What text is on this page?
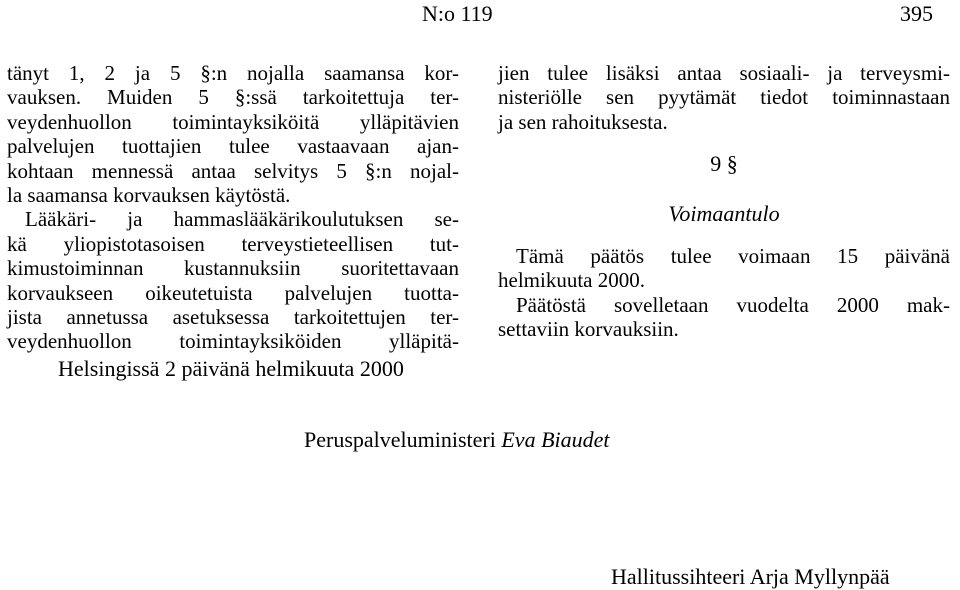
N:o 119	395
tänyt 1, 2 ja 5 §:n nojalla saamansa kor-
vauksen. Muiden 5 §:ssä tarkoitettuja ter-
veydenhuollon toimintayksiköitä ylläpitävien
palvelujen tuottajien tulee vastaavaan ajan-
kohtaan mennessä antaa selvitys 5 §:n nojal-
la saamansa korvauksen käytöstä.
Lääkäri- ja hammaslääkärikoulutuksen se-
kä yliopistotasoisen terveystieteellisen tut-
kimustoiminnan kustannuksiin suoritettavaan
korvaukseen oikeutetuista palvelujen tuotta-
jista annetussa asetuksessa tarkoitettujen ter-
veydenhuollon toimintayksiköiden ylläpitä-
jien tulee lisäksi antaa sosiaali- ja terveysmi-
nisteriölle sen pyytämät tiedot toiminnastaan
ja sen rahoituksesta.
9 §
Voimaantulo
Tämä päätös tulee voimaan 15 päivänä
helmikuuta 2000.
Päätöstä sovelletaan vuodelta 2000 mak-
settaviin korvauksiin.
Helsingissä 2 päivänä helmikuuta 2000
Peruspalveluministeri Eva Biaudet
Hallitussihteeri Arja Myllynpää
